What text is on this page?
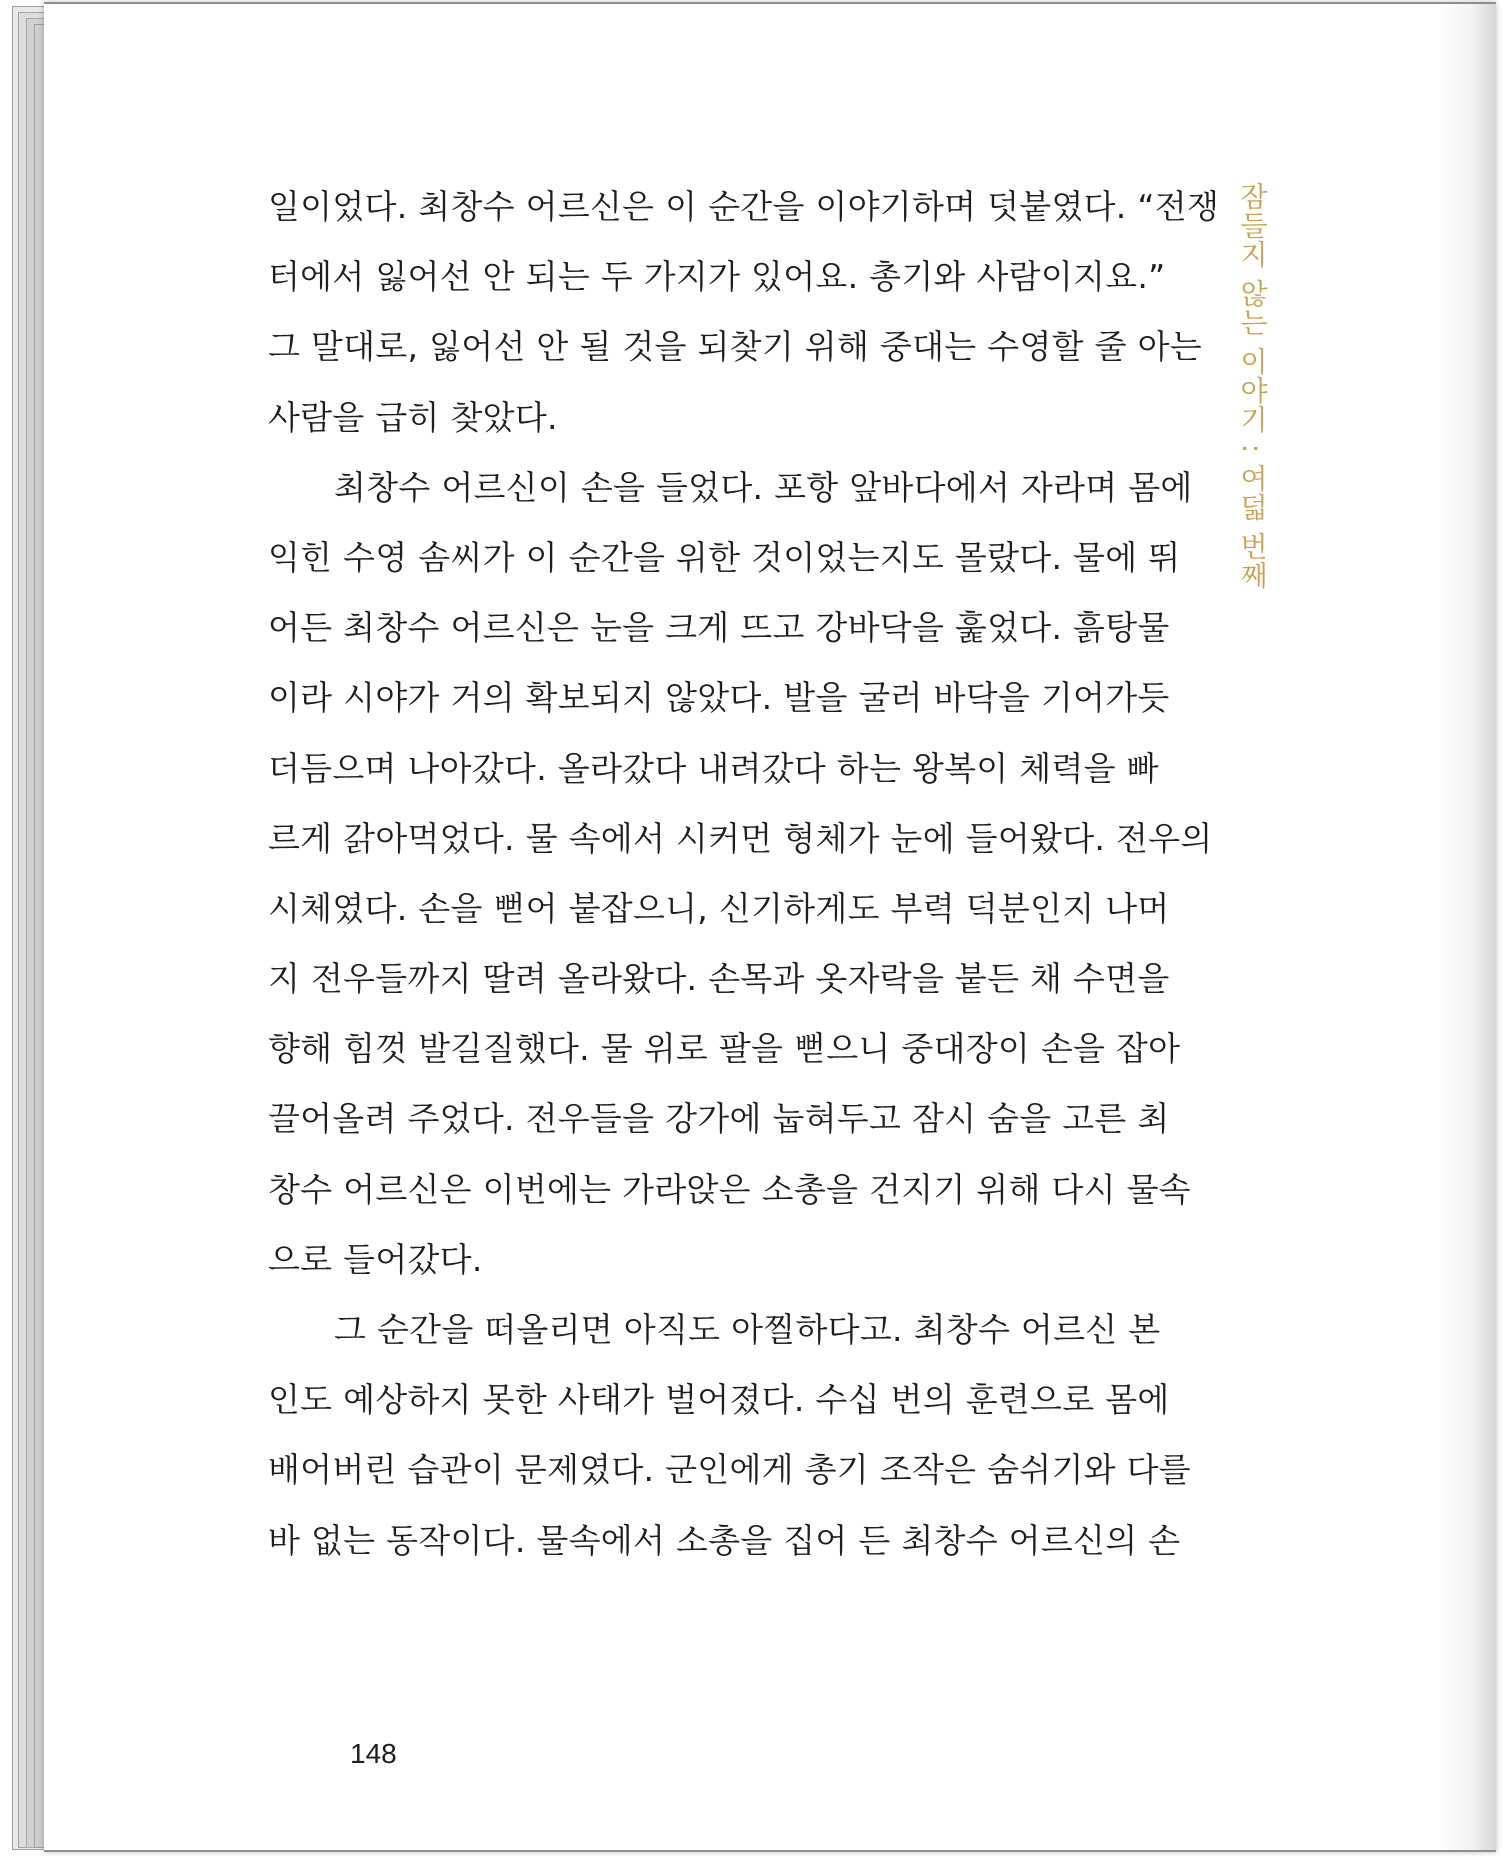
일이었다. 최창수 어르신은 이 순간을 이야기하며 덧붙였다. “전쟁
터에서 잃어선 안 되는 두 가지가 있어요. 총기와 사람이지요.”
그 말대로, 잃어선 안 될 것을 되찾기 위해 중대는 수영할 줄 아는
사람을 급히 찾았다.
최창수 어르신이 손을 들었다. 포항 앞바다에서 자라며 몸에
익힌 수영 솜씨가 이 순간을 위한 것이었는지도 몰랐다. 물에 뛰
어든 최창수 어르신은 눈을 크게 뜨고 강바닥을 훑었다. 흙탕물
이라 시야가 거의 확보되지 않았다. 발을 굴러 바닥을 기어가듯
더듬으며 나아갔다. 올라갔다 내려갔다 하는 왕복이 체력을 빠
르게 갉아먹었다. 물 속에서 시커먼 형체가 눈에 들어왔다. 전우의
시체였다. 손을 뻗어 붙잡으니, 신기하게도 부력 덕분인지 나머
지 전우들까지 딸려 올라왔다. 손목과 옷자락을 붙든 채 수면을
향해 힘껏 발길질했다. 물 위로 팔을 뻗으니 중대장이 손을 잡아
끌어올려 주었다. 전우들을 강가에 눕혀두고 잠시 숨을 고른 최
창수 어르신은 이번에는 가라앉은 소총을 건지기 위해 다시 물속
으로 들어갔다.
그 순간을 떠올리면 아직도 아찔하다고. 최창수 어르신 본
인도 예상하지 못한 사태가 벌어졌다. 수십 번의 훈련으로 몸에
배어버린 습관이 문제였다. 군인에게 총기 조작은 숨쉬기와 다를
바 없는 동작이다. 물속에서 소총을 집어 든 최창수 어르신의 손
잠들지 않는 이야기 : 여덟 번째
148
